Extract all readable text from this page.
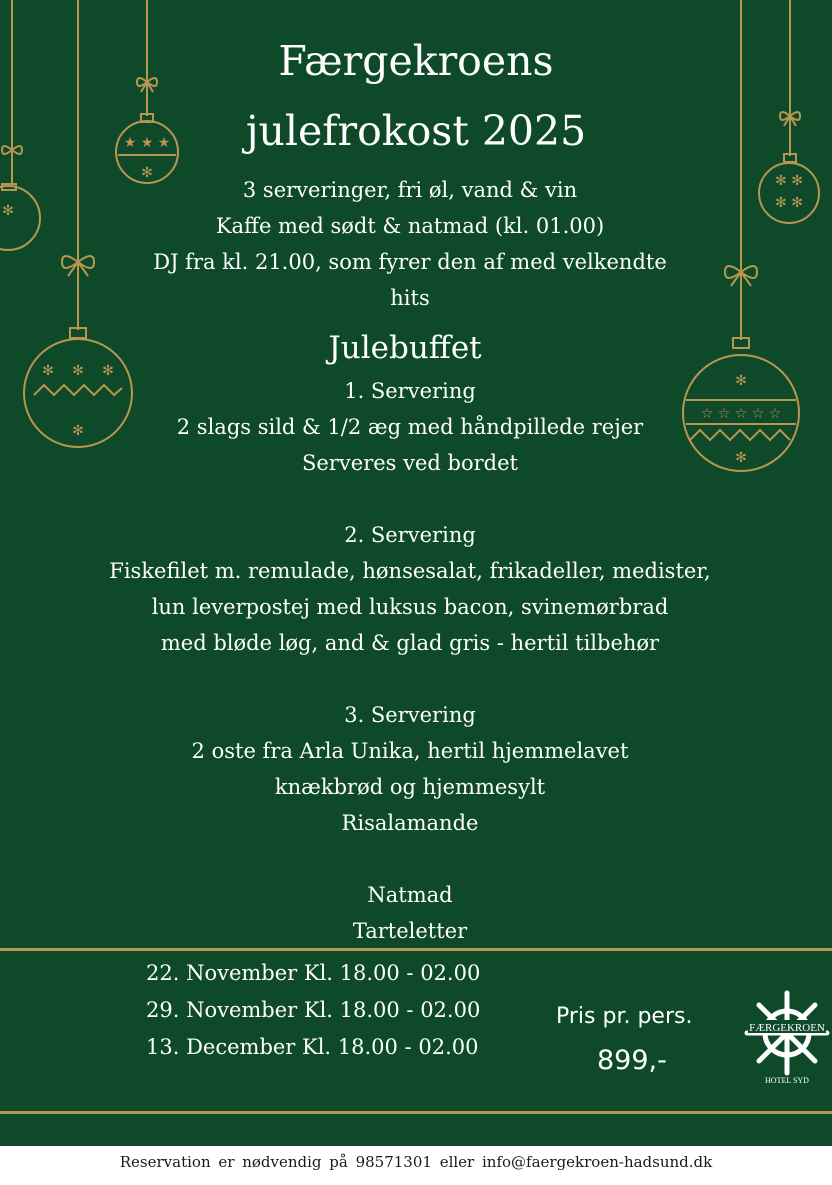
✻ ✻
✻
✻
★ ★ ★
✻
✻
✻ ✻
✻ ✻
✻
☆ ☆ ☆ ☆ ☆
✻
Færgekroens
julefrokost 2025
3 serveringer, fri øl, vand & vin
Kaffe med sødt & natmad (kl. 01.00)
DJ fra kl. 21.00, som fyrer den af med velkendte
hits
Julebuffet
1. Servering
2 slags sild & 1/2 æg med håndpillede rejer
Serveres ved bordet
2. Servering
Fiskefilet m. remulade, hønsesalat, frikadeller, medister,
lun leverpostej med luksus bacon, svinemørbrad
med bløde løg, and & glad gris - hertil tilbehør
3. Servering
2 oste fra Arla Unika, hertil hjemmelavet
knækbrød og hjemmesylt
Risalamande
Natmad
Tarteletter
22. November Kl. 18.00 - 02.00
29. November Kl. 18.00 - 02.00
13. December Kl. 18.00 - 02.00
Pris pr. pers.
899,-
FÆRGEKROEN
HOTEL SYD
Reservation er nødvendig på 98571301 eller info@faergekroen-hadsund.dk
